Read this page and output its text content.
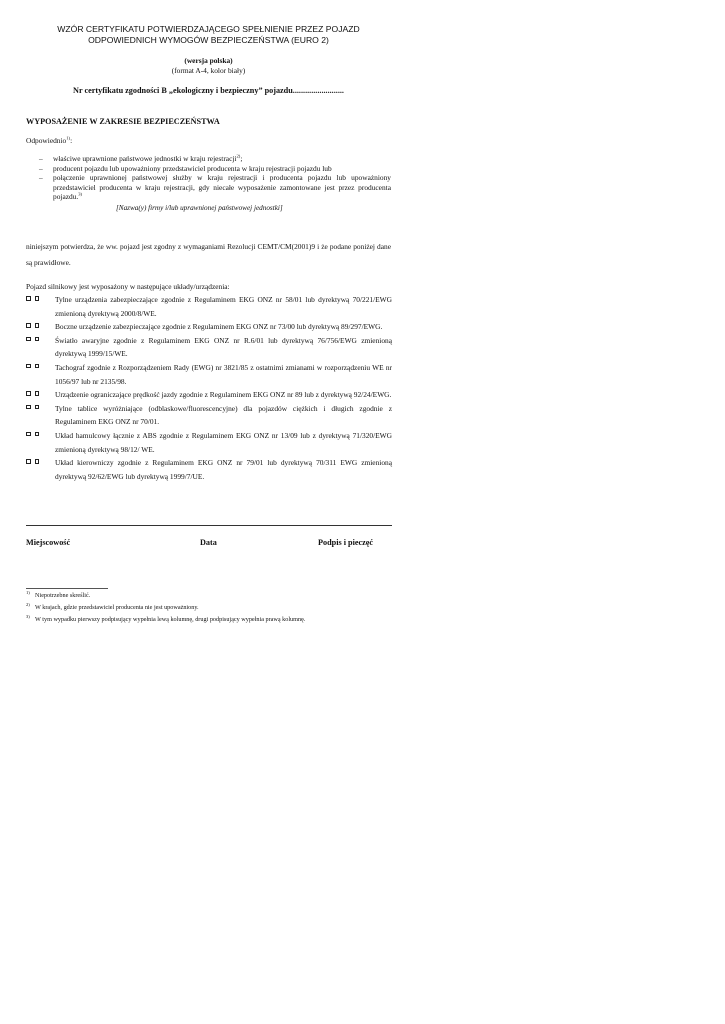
WZÓR CERTYFIKATU POTWIERDZAJĄCEGO SPEŁNIENIE PRZEZ POJAZD
ODPOWIEDNICH WYMOGÓW BEZPIECZEŃSTWA (EURO 2)
(wersja polska)
(format A-4, kolor biały)
Nr certyfikatu zgodności B „ekologiczny i bezpieczny” pojazdu.........................
WYPOSAŻENIE W ZAKRESIE BEZPIECZEŃSTWA
Odpowiednio$^{1)}$:
–	właściwe uprawnione państwowe jednostki w kraju rejestracji$^{2)}$;
–	producent pojazdu lub upoważniony przedstawiciel producenta w kraju rejestracji pojazdu lub
–	połączenie uprawnionej państwowej służby w kraju rejestracji i producenta pojazdu lub upoważniony przedstawiciel producenta w kraju rejestracji, gdy niecałe wyposażenie zamontowane jest przez producenta pojazdu.$^{3)}$
[Nazwa(y) firmy i/lub uprawnionej państwowej jednostki]
niniejszym potwierdza, że ww. pojazd jest zgodny z wymaganiami Rezolucji CEMT/CM(2001)9 i że podane poniżej dane są prawidłowe.
Pojazd silnikowy jest wyposażony w następujące układy/urządzenia:
Tylne urządzenia zabezpieczające zgodnie z Regulaminem EKG ONZ nr 58/01 lub dyrektywą 70/221/EWG zmienioną dyrektywą 2000/8/WE.
Boczne urządzenie zabezpieczające zgodnie z Regulaminem EKG ONZ nr 73/00 lub dyrektywą 89/297/EWG.
Światło awaryjne zgodnie z Regulaminem EKG ONZ nr R.6/01 lub dyrektywą 76/756/EWG zmienioną dyrektywą 1999/15/WE.
Tachograf zgodnie z Rozporządzeniem Rady (EWG) nr 3821/85 z ostatnimi zmianami w rozporządzeniu WE nr 1056/97 lub nr 2135/98.
Urządzenie ograniczające prędkość jazdy zgodnie z Regulaminem EKG ONZ nr 89 lub z dyrektywą 92/24/EWG.
Tylne tablice wyróżniające (odblaskowe/fluorescencyjne) dla pojazdów ciężkich i długich zgodnie z Regulaminem EKG ONZ nr 70/01.
Układ hamulcowy łącznie z ABS zgodnie z Regulaminem EKG ONZ nr 13/09 lub z dyrektywą 71/320/EWG zmienioną dyrektywą 98/12/ WE.
Układ kierowniczy zgodnie z Regulaminem EKG ONZ nr 79/01 lub dyrektywą 70/311 EWG zmienioną dyrektywą 92/62/EWG lub dyrektywą 1999/7/UE.
Miejscowość	Data	Podpis i pieczęć
1) Niepotrzebne skreślić.
2) W krajach, gdzie przedstawiciel producenta nie jest upoważniony.
3) W tym wypadku pierwszy podpisujący wypełnia lewą kolumnę, drugi podpisujący wypełnia prawą kolumnę.
